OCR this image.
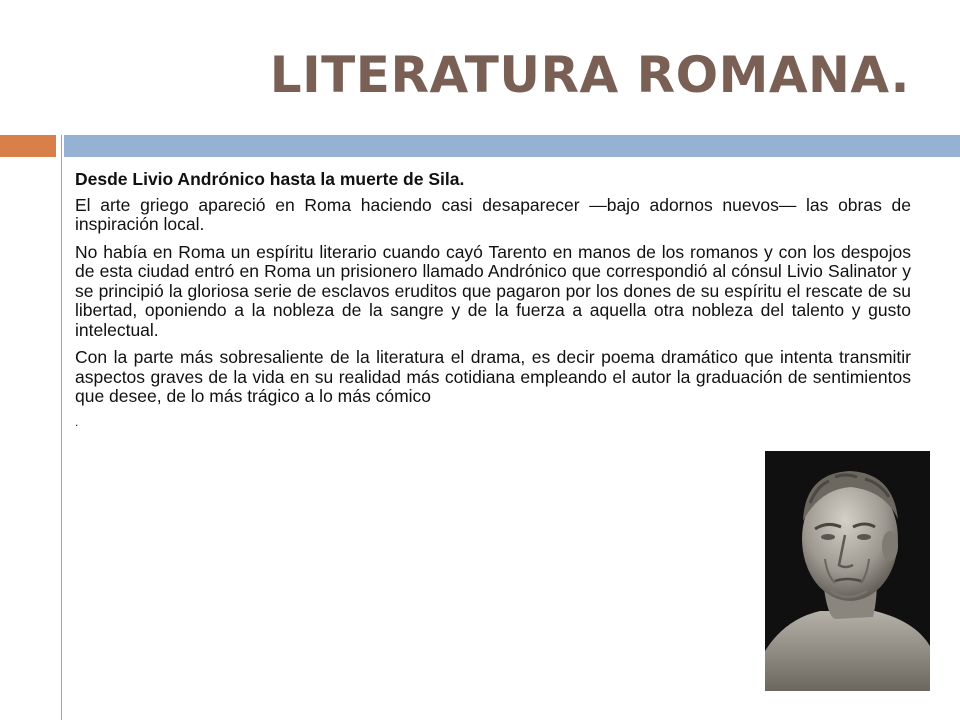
LITERATURA ROMANA.

Desde Livio Andrónico hasta la muerte de Sila.

El arte griego apareció en Roma haciendo casi desaparecer —bajo adornos nuevos— las obras de inspiración local.

No había en Roma un espíritu literario cuando cayó Tarento en manos de los romanos y con los despojos de esta ciudad entró en Roma un prisionero llamado Andrónico que correspondió al cónsul Livio Salinator y se principió la gloriosa serie de esclavos eruditos que pagaron por los dones de su espíritu el rescate de su libertad, oponiendo a la nobleza de la sangre y de la fuerza a aquella otra nobleza del talento y gusto intelectual.

Con la parte más sobresaliente de la literatura el drama, es decir poema dramático que intenta transmitir aspectos graves de la vida en su realidad más cotidiana empleando el autor la graduación de sentimientos que desee, de lo más trágico a lo más cómico

.
